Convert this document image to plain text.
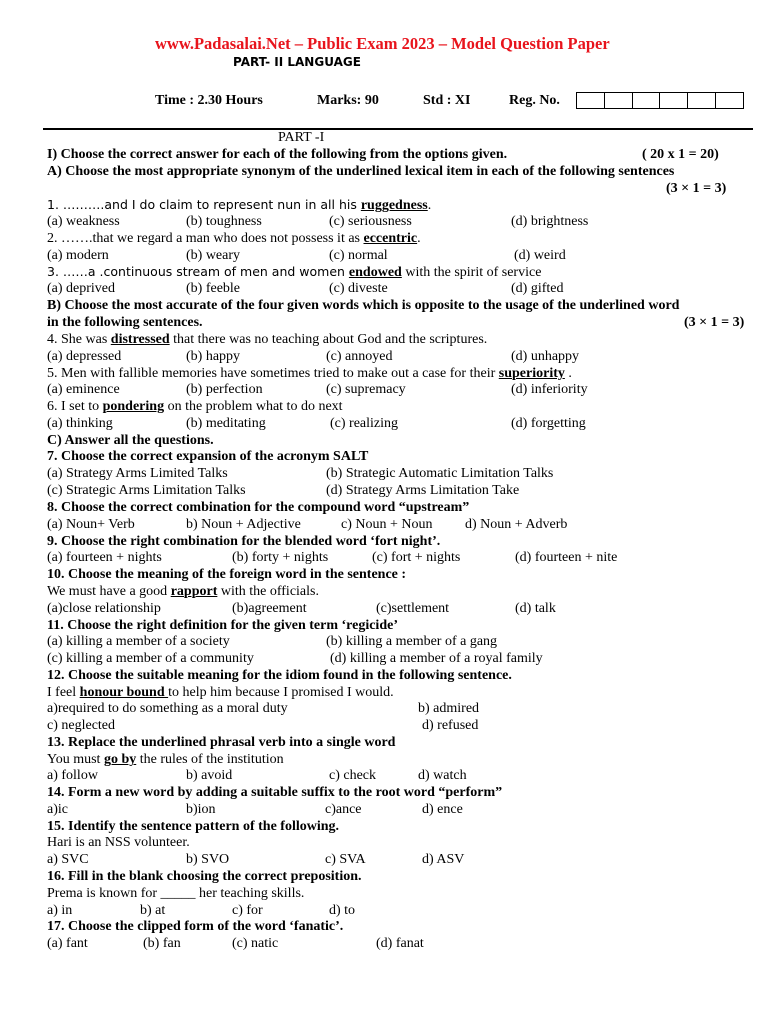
www.Padasalai.Net – Public Exam 2023 – Model Question Paper
PART- II LANGUAGE
Time : 2.30 Hours	Marks: 90	Std : XI	Reg. No.
PART -I
I) Choose the correct answer for each of the following from the options given.	( 20 x 1 = 20)
A) Choose the most appropriate synonym of the underlined lexical item in each of the following sentences
(3 × 1 = 3)
1. ……….and I do claim to represent nun in all his ruggedness.
(a) weakness	(b) toughness	(c) seriousness	(d) brightness
2. …….that we regard a man who does not possess it as eccentric.
(a) modern	(b) weary	(c) normal	(d) weird
3. ……a .continuous stream of men and women endowed with the spirit of service
(a) deprived	(b) feeble	(c) diveste	(d) gifted
B) Choose the most accurate of the four given words which is opposite to the usage of the underlined word
in the following sentences.	(3 × 1 = 3)
4. She was distressed that there was no teaching about God and the scriptures.
(a) depressed	(b) happy	(c) annoyed	(d) unhappy
5. Men with fallible memories have sometimes tried to make out a case for their superiority .
(a) eminence	(b) perfection	(c) supremacy	(d) inferiority
6. I set to pondering on the problem what to do next
(a) thinking	(b) meditating	(c) realizing	(d) forgetting
C) Answer all the questions.
7. Choose the correct expansion of the acronym SALT
(a) Strategy Arms Limited Talks	(b) Strategic Automatic Limitation Talks
(c) Strategic Arms Limitation Talks	(d) Strategy Arms Limitation Take
8. Choose the correct combination for the compound word “upstream”
(a) Noun+ Verb	b) Noun + Adjective	c) Noun + Noun d) Noun + Adverb
9. Choose the right combination for the blended word ‘fort night’.
(a) fourteen + nights	(b) forty + nights	(c) fort + nights	(d) fourteen + nite
10. Choose the meaning of the foreign word in the sentence :
We must have a good rapport with the officials.
(a)close relationship	(b)agreement	(c)settlement	(d) talk
11. Choose the right definition for the given term ‘regicide’
(a) killing a member of a society	(b) killing a member of a gang
(c) killing a member of a community	(d) killing a member of a royal family
12. Choose the suitable meaning for the idiom found in the following sentence.
I feel honour bound to help him because I promised I would.
a)required to do something as a moral duty	b) admired
c) neglected	d) refused
13. Replace the underlined phrasal verb into a single word
You must go by the rules of the institution
a) follow	b) avoid	c) check	d) watch
14. Form a new word by adding a suitable suffix to the root word “perform”
a)ic	b)ion	c)ance	d) ence
15. Identify the sentence pattern of the following.
Hari is an NSS volunteer.
a) SVC	b) SVO	c) SVA	d) ASV
16. Fill in the blank choosing the correct preposition.
Prema is known for _____ her teaching skills.
a) in	b) at	c) for	d) to
17. Choose the clipped form of the word ‘fanatic’.
(a) fant	(b) fan	(c) natic	(d) fanat
